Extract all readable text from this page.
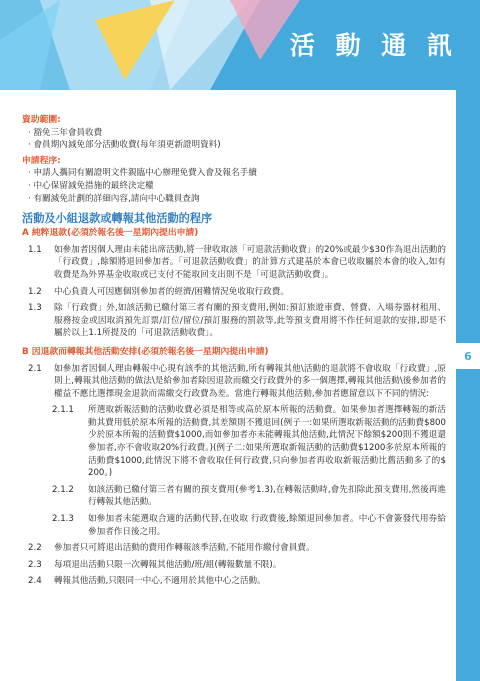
活 動 通 訊
6
資助範圍:
· 豁免三年會員收費
· 會員期內減免部分活動收費(每年須更新證明資料)
申請程序:
· 申請人攜同有關證明文件親臨中心辦理免費入會及報名手續
· 中心保留減免措施的最終決定權
· 有關減免計劃的詳細內容,請向中心職員查詢
活動及小組退款或轉報其他活動的程序
A 純粹退款(必須於報名後一星期內提出申請)
1.1	如參加者因個人理由未能出席活動,將一律收取該「可退款活動收費」的20%或最少$30作為退出活動的「行政費」,餘額將退回參加者。「可退款活動收費」的計算方式建基於本會已收取屬於本會的收入,如有收費是為外界基金收取或已支付不能取回支出則不是「可退款活動收費」。
1.2	中心負責人可因應個別參加者的經濟/困難情況免收取行政費。
1.3	除「行政費」外,如該活動已繳付第三者有關的預支費用,例如:預訂旅遊車費、營費、入場券器材租用、服務按金或因取消預先訂票/訂位/留位/預訂服務的罰款等,此等預支費用將不作任何退款的安排,即是不屬於以上1.1所提及的「可退款活動收費」。
B 因退款而轉報其他活動安排(必須於報名後一星期內提出申請)
2.1	如參加者因個人理由轉報中心現有該季的其他活動,所有轉報其他\活動的退款將不會收取「行政費」,原則上,轉報其他活動的做法\是給參加者除因退款而繳交行政費外的多一個選擇,轉報其他活動\後參加者的權益不應比選擇現金退款而需繳交行政費為差。當進行轉報其他活動,參加者應留意以下不同的情況:
2.1.1	所選取新報活動的活動收費必須是相等或高於原本所報的活動費。如果參加者選擇轉報的新活動其費用低於原本所報的活動費,其差額則不獲退回(例子一:如果所選取新報活動的活動費$800少於原本所報的活動費$1000,而如參加者亦未能轉報其他活動,此情況下餘額$200則不獲退還參加者,亦不會收取20%行政費。)(例子二:如果所選取新報活動的活動費$1200多於原本所報的活動費$1000,此情況下將不會收取任何行政費,只向參加者再收取新報活動比舊活動多了的$ 200。)
2.1.2	如該活動已繳付第三者有關的預支費用(參考1.3),在轉報活動時,會先扣除此預支費用,然後再進行轉報其他活動。
2.1.3	如參加者未能選取合適的活動代替,在收取 行政費後,餘額退回參加者。中心不會簽發代用券給參加者作日後之用。
2.2	參加者只可將退出活動的費用作轉報該季活動,不能用作繳付會員費。
2.3	每項退出活動只限一次轉報其他活動/班/組(轉報數量不限)。
2.4	轉報其他活動,只限同一中心,不適用於其他中心之活動。
